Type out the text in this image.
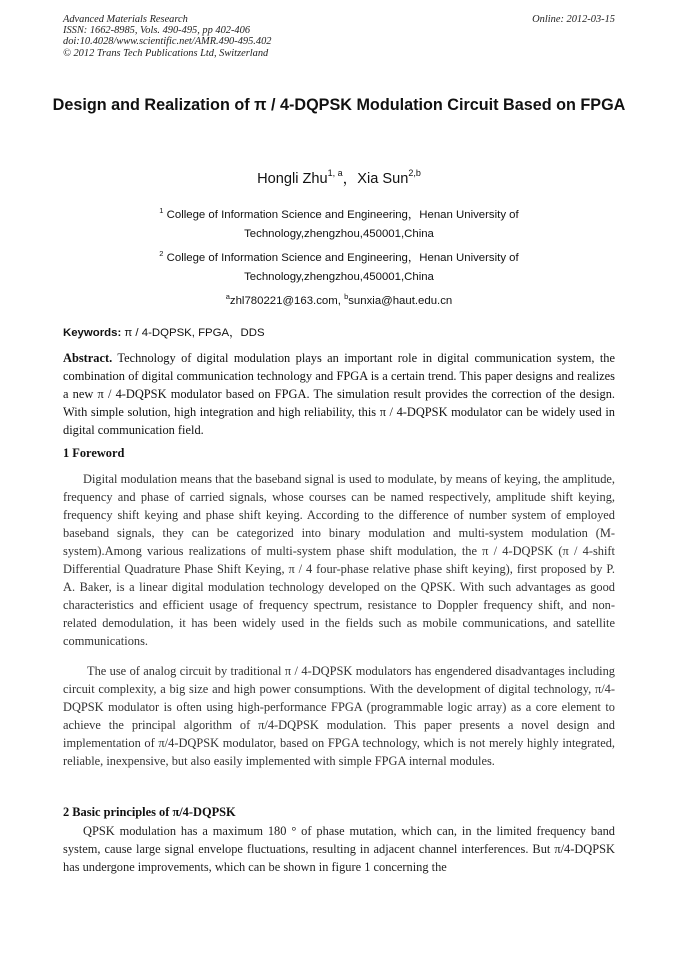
Advanced Materials Research
ISSN: 1662-8985, Vols. 490-495, pp 402-406
doi:10.4028/www.scientific.net/AMR.490-495.402
© 2012 Trans Tech Publications Ltd, Switzerland
Online: 2012-03-15
Design and Realization of π / 4-DQPSK Modulation Circuit Based on FPGA
Hongli Zhu$^{1, a}$，Xia Sun$^{2,b}$
$^1$ College of Information Science and Engineering，Henan University of Technology,zhengzhou,450001,China
$^2$ College of Information Science and Engineering，Henan University of Technology,zhengzhou,450001,China
$^a$zhl780221@163.com, $^b$sunxia@haut.edu.cn
Keywords: π / 4-DQPSK, FPGA，DDS
Abstract. Technology of digital modulation plays an important role in digital communication system, the combination of digital communication technology and FPGA is a certain trend. This paper designs and realizes a new π / 4-DQPSK modulator based on FPGA. The simulation result provides the correction of the design. With simple solution, high integration and high reliability, this π / 4-DQPSK modulator can be widely used in digital communication field.
1 Foreword
Digital modulation means that the baseband signal is used to modulate, by means of keying, the amplitude, frequency and phase of carried signals, whose courses can be named respectively, amplitude shift keying, frequency shift keying and phase shift keying. According to the difference of number system of employed baseband signals, they can be categorized into binary modulation and multi-system modulation (M-system).Among various realizations of multi-system phase shift modulation, the π / 4-DQPSK (π / 4-shift Differential Quadrature Phase Shift Keying, π / 4 four-phase relative phase shift keying), first proposed by P. A. Baker, is a linear digital modulation technology developed on the QPSK. With such advantages as good characteristics and efficient usage of frequency spectrum, resistance to Doppler frequency shift, and non-related demodulation, it has been widely used in the fields such as mobile communications, and satellite communications.
The use of analog circuit by traditional π / 4-DQPSK modulators has engendered disadvantages including circuit complexity, a big size and high power consumptions. With the development of digital technology, π/4-DQPSK modulator is often using high-performance FPGA (programmable logic array) as a core element to achieve the principal algorithm of π/4-DQPSK modulation. This paper presents a novel design and implementation of π/4-DQPSK modulator, based on FPGA technology, which is not merely highly integrated, reliable, inexpensive, but also easily implemented with simple FPGA internal modules.
2 Basic principles of π/4-DQPSK
QPSK modulation has a maximum 180 ° of phase mutation, which can, in the limited frequency band system, cause large signal envelope fluctuations, resulting in adjacent channel interferences. But π/4-DQPSK has undergone improvements, which can be shown in figure 1 concerning the
